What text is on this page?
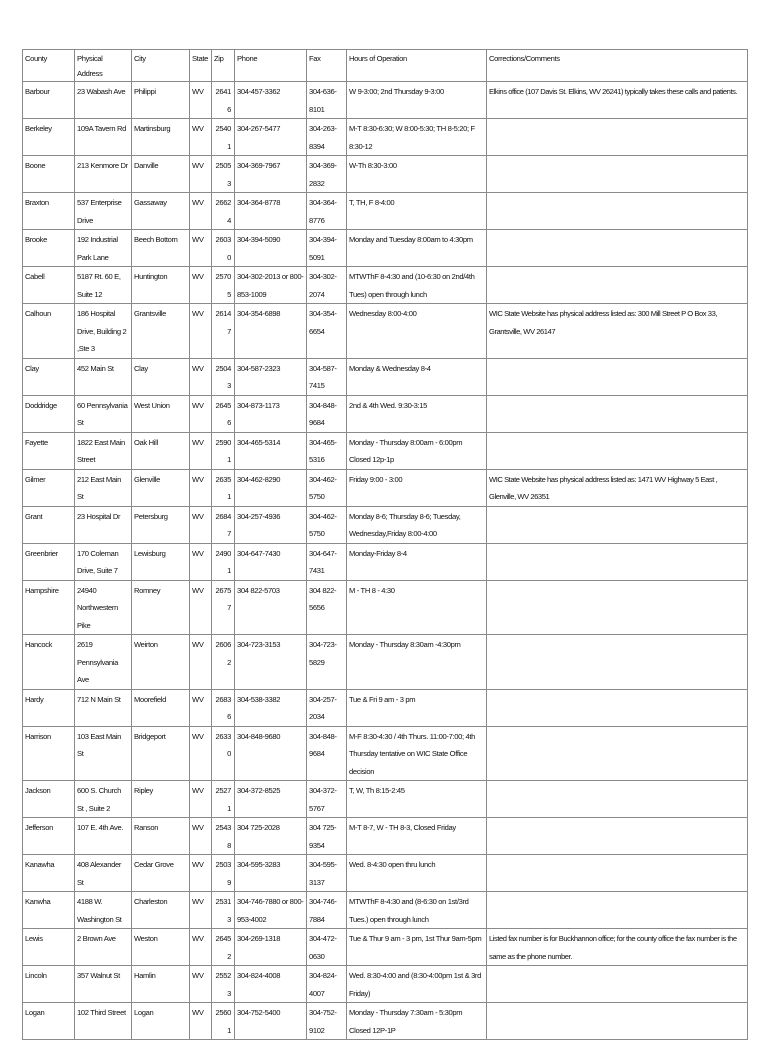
County	Physical Address	City	State	Zip	Phone	Fax	Hours of Operation	Corrections/Comments
Barbour	23 Wabash Ave	Philippi	WV	26416	304-457-3362	304-636-8101	W 9-3:00; 2nd Thursday 9-3:00	Elkins office (107 Davis St. Elkins, WV 26241) typically takes these calls and patients.
Berkeley	109A Tavern Rd	Martinsburg	WV	25401	304-267-5477	304-263-8394	M-T 8:30-6:30; W 8:00-5:30; TH 8-5:20; F 8:30-12	
Boone	213 Kenmore Dr	Danville	WV	25053	304-369-7967	304-369-2832	W-Th 8:30-3:00	
Braxton	537 Enterprise Drive	Gassaway	WV	26624	304-364-8778	304-364-8776	T, TH, F 8-4:00	
Brooke	192 Industrial Park Lane	Beech Bottom	WV	26030	304-394-5090	304-394-5091	Monday and Tuesday 8:00am to 4:30pm	
Cabell	5187 Rt. 60 E, Suite 12	Huntington	WV	25705	304-302-2013 or 800-853-1009	304-302-2074	MTWThF 8-4:30 and (10-6:30 on 2nd/4th Tues) open through lunch	
Calhoun	186 Hospital Drive, Building 2 ,Ste 3	Grantsville	WV	26147	304-354-6898	304-354-6654	Wednesday 8:00-4:00	WIC State Website has physical address listed as: 300 Mill Street P O Box 33, Grantsville, WV 26147
Clay	452 Main St	Clay	WV	25043	304-587-2323	304-587-7415	Monday & Wednesday 8-4	
Doddridge	60 Pennsylvania St	West Union	WV	26456	304-873-1173	304-848-9684	2nd & 4th Wed. 9:30-3:15	
Fayette	1822 East Main Street	Oak Hill	WV	25901	304-465-5314	304-465-5316	Monday - Thursday 8:00am - 6:00pm Closed 12p-1p	
Gilmer	212 East Main St	Glenville	WV	26351	304-462-8290	304-462-5750	Friday 9:00 - 3:00	WIC State Website has physical address listed as: 1471 WV Highway 5 East , Glenville, WV 26351
Grant	23 Hospital Dr	Petersburg	WV	26847	304-257-4936	304-462-5750	Monday 8-6; Thursday 8-6; Tuesday, Wednesday,Friday 8:00-4:00	
Greenbrier	170 Coleman Drive, Suite 7	Lewisburg	WV	24901	304-647-7430	304-647-7431	Monday-Friday 8-4	
Hampshire	24940 Northwestern Pike	Romney	WV	26757	304 822-5703	304 822-5656	M - TH 8 - 4:30	
Hancock	2619 Pennsylvania Ave	Weirton	WV	26062	304-723-3153	304-723-5829	Monday - Thursday 8:30am -4:30pm	
Hardy	712 N Main St	Moorefield	WV	26836	304-538-3382	304-257-2034	Tue & Fri 9 am - 3 pm	
Harrison	103 East Main St	Bridgeport	WV	26330	304-848-9680	304-848-9684	M-F 8:30-4:30 / 4th Thurs. 11:00-7:00; 4th Thursday tentative on WIC State Office decision	
Jackson	600 S. Church St , Suite 2	Ripley	WV	25271	304-372-8525	304-372-5767	T, W, Th 8:15-2:45	
Jefferson	107 E. 4th Ave.	Ranson	WV	25438	304 725-2028	304 725-9354	M-T 8-7, W - TH 8-3, Closed Friday	
Kanawha	408 Alexander St	Cedar Grove	WV	25039	304-595-3283	304-595-3137	Wed. 8-4:30 open thru lunch	
Kanwha	4188 W. Washington St	Charleston	WV	25313	304-746-7880 or 800-953-4002	304-746-7884	MTWThF 8-4:30 and (8-6:30 on 1st/3rd Tues.) open through lunch	
Lewis	2 Brown Ave	Weston	WV	26452	304-269-1318	304-472-0630	Tue & Thur 9 am - 3 pm, 1st Thur 9am-5pm	Listed fax number is for Buckhannon office; for the county office the fax number is the same as the phone number.
Lincoln	357 Walnut St	Hamlin	WV	25523	304-824-4008	304-824-4007	Wed. 8:30-4:00 and (8:30-4:00pm 1st & 3rd Friday)	
Logan	102 Third Street	Logan	WV	25601	304-752-5400	304-752-9102	Monday - Thursday 7:30am - 5:30pm Closed 12P-1P	
